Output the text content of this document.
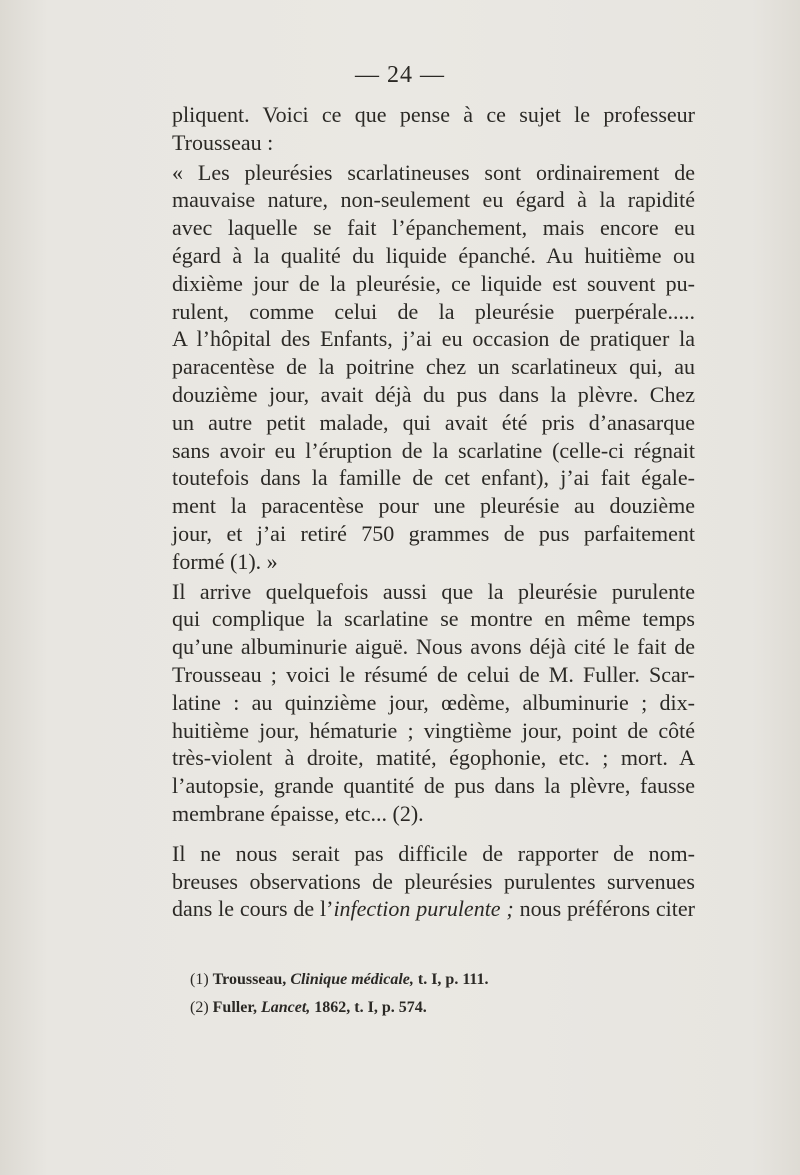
— 24 —
pliquent. Voici ce que pense à ce sujet le professeur
Trousseau :
« Les pleurésies scarlatineuses sont ordinairement de
mauvaise nature, non-seulement eu égard à la rapidité
avec laquelle se fait l’épanchement, mais encore eu
égard à la qualité du liquide épanché. Au huitième ou
dixième jour de la pleurésie, ce liquide est souvent pu-
rulent, comme celui de la pleurésie puerpérale.....
A l’hôpital des Enfants, j’ai eu occasion de pratiquer la
paracentèse de la poitrine chez un scarlatineux qui, au
douzième jour, avait déjà du pus dans la plèvre. Chez
un autre petit malade, qui avait été pris d’anasarque
sans avoir eu l’éruption de la scarlatine (celle-ci régnait
toutefois dans la famille de cet enfant), j’ai fait égale-
ment la paracentèse pour une pleurésie au douzième
jour, et j’ai retiré 750 grammes de pus parfaitement
formé (1). »
Il arrive quelquefois aussi que la pleurésie purulente
qui complique la scarlatine se montre en même temps
qu’une albuminurie aiguë. Nous avons déjà cité le fait de
Trousseau ; voici le résumé de celui de M. Fuller. Scar-
latine : au quinzième jour, œdème, albuminurie ; dix-
huitième jour, hématurie ; vingtième jour, point de côté
très-violent à droite, matité, égophonie, etc. ; mort. A
l’autopsie, grande quantité de pus dans la plèvre, fausse
membrane épaisse, etc... (2).
Il ne nous serait pas difficile de rapporter de nom-
breuses observations de pleurésies purulentes survenues
dans le cours de l’infection purulente ; nous préférons citer
(1) Trousseau, Clinique médicale, t. I, p. 111.
(2) Fuller, Lancet, 1862, t. I, p. 574.
